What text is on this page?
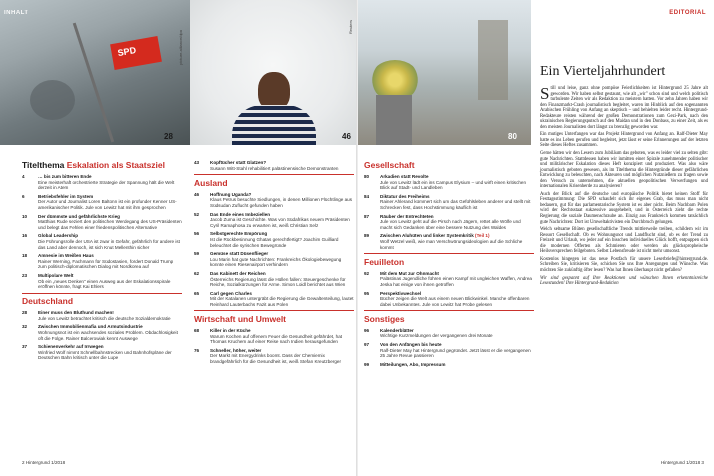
INHALT
SPD	picture-alliance/dpa
28
Reuters
46	80
EDITORIAL
Titelthema Eskalation als Staatsziel
4	… bis zum bitteren Ende
Eine meisterhaft orchestrierte Strategie der Spannung hält die Welt derzeit in Atem
6	Betriebsfehler im System
Der Autor und Journalist Loren Baltonn ist ein profunder Kenner US-amerikanischer Politik. Jule von Lewitz hat mit ihm gesprochen
10	Der dümmste und gefährlichste Krieg
Matthias Rude seziert den politischen Werdegang des US-Präsidenten und belegt das Fehlen einer friedenspolitischen Alternative
16	Global Leadership
Die Führungsrolle der USA ist zwar in Gefahr, gefährlich für andere ist das Land aber dennoch, ist sich Knut Mellenthin sicher
18	Amnesie im Weißen Haus
Rainer Werning, Fachmann für Südostasien, fordert Donald Trump zum politisch-diplomatischen Dialog mit Nordkorea auf
23	Multipolare Welt
Ob ein „neues Denken" einen Ausweg aus der Eskalationsspirale eröffnen könnte, fragt Kai Ehlers
Deutschland
28	Einer muss den Bluthund machen!
Jule von Lewitz betrachtet kritisch die deutsche Sozialdemokratie
32	Zwischen Immobilienmafia und Armutsindustrie
Wohnungsnot ist ein wachsendes soziales Problem. Obdachlosigkeit oft die Folge. Rainer Balcerowiak kennt Auswege
37	Schienenverkehr auf Irrwegen
Winfried Wolf nimmt Schnellbahnstrecken und Bahnhofspläne der Deutschen Bahn kritisch unter die Lupe
43	Kopftücher statt Glatzen?
Susann Witt-Stahl rehabilitiert palästinensische Demonstranten
Ausland
46	Hoffnung Uganda?
Klaus Petrus besuchte Siedlungen, in denen Millionen Flüchtlinge aus Südsudan Zuflucht gefunden haben
52	Das Ende eines Imbeziellen
Jacob Zuma ist Geschichte. Was von Südafrikas neuem Präsidenten Cyril Ramaphosa zu erwarten ist, weiß Christian Selz
56	Selbstgerechte Empörung
Ist die Rückbesinnung Ghatas gerechtfertigt? Joachim Guilliard beleuchtet die syrischen Bewegründe
59	Gemüse statt Düsenflieger
Lou Marin hat gute Nachrichten: Frankreichs Ökologiebewegung konnte einen Riesenairport verhindern
62	Das Kabinett der Reichen
Österreichs Regierung lässt die Hüllen fallen: Steuergeschenke für Reiche, Sozialkürzungen für Arme. Simon Loidl berichtet aus Wien
65	Carl gegen Charles
Mit der Katalanen untergräbt die Regierung die Gewaltenteilung, lautet Reinhard Lauterbachs Fazit aus Polen
Wirtschaft und Umwelt
68	Killer in der Küche
Warum Kochen auf offenem Feuer die Gesundheit gefährdet, hat Thomas Kruchem auf einer Reise nach Indien herausgefunden
76	Schneller, höher, weiter
Der Markt mit Energydrinks boomt. Dass der Chemiemix brandgefährlich für die Gesundheit ist, weiß Stefan Kreutzberger
Gesellschaft
80	Arkadien statt Revolte
Jule von Lewitz lädt ein ins Campus Elysium – und wirft einen kritischen Blick auf Stadt- und Landleben
84	Diktatur des Freiheims
Rainer Ahlerand kümmert sich um das Gefühlsleben anderer und stellt mit Schrecken fest, dass Hochstimmung käuflich ist
87	Räuber der Entrechteten
Jule von Lewitz geht auf die Pirsch nach Jägern, rettet alle Wölfe und macht sich Gedanken über eine bessere Nutzung des Waldes
89	Zwischen Aluhüten und linker Systemkritik (Teil 1)
Wolf Wetzel weiß, wie man Verschwörungsideologien auf die Schliche kommt
Feuilleton
92	Mit dem Mut zur Ohnmacht
Palästinas Jugendliche führen einen Kampf mit ungleichen Waffen, Andrea Jeska hat einige von ihnen getroffen
95	Perspektivwechsel
Bücher zeigen die Welt aus einem neuen Blickwinkel. Manche offenbaren dabei Unbekanntes. Jule von Lewitz hat Probe gelesen
Sonstiges
96	Kalenderblätter
Wichtige Kurzmeldungen der vergangenen drei Monate
97	Von den Anfängen bis heute
Ralf-Dieter May hat Hintergrund gegründet. Jetzt lässt er die vergangenen 25 Jahre Revue passieren
99	Mitteilungen, Abo, Impressum
Ein Vierteljahrhundert

Still und leise, ganz ohne pompöse Feierlichkeiten ist Hintergrund 25 Jahre alt geworden. Wir haben selbst gestaunt, wie alt „wir" schon sind und welch politisch turbulente Zeiten wir als Redaktion zu meistern hatten. Vor zehn Jahren haben wir den Finanzmarkt-Crash journalistisch begleitet, waren im Hinblick auf den sogenannten Arabischen Frühling von Anfang an skeptisch – und behielten leider recht. Hintergrund-Redakteure reisten während der großen Demonstrationen zum Gezi-Park, nach den ukrainischen Regierungsputsch auf den Maidan und in den Donbass, zu einer Zeit, als es den meisten Journalisten dort längst zu brenzlig geworden war.

Ein mutiges Unterfangen war das Projekt Hintergrund von Anfang an. Ralf-Dieter May hatte es ins Leben gerufen und begleitet, jetzt lässt er seine Erinnerungen auf der letzten Seite dieses Heftes zusammen.

Gerne hätten wir den Lesern zum Jubiläum das geboten, was es leider viel zu selten gibt: gute Nachrichten. Stattdessen haben wir inmitten einer Spirale zunehmender politischer und militärischer Eskalation dieses Heft konzipiert und produziert. Was also wäre journalistisch geboten gewesen, als im Titelthema die Hintergründe dieser gefährlichen Entwicklung zu beleuchten, nach Akteuren und möglichen Nutznießern zu fragen sowie den Versuch zu unternehmen, die aktuellen geopolitischen Verwerfungen und internationalen Krisenherde zu analysieren?

Auch der Blick auf die deutsche und europäische Politik bietet keinen Stoff für Festtagsstimmung: Die SPD schaufelt sich ihr eigenes Grab, das muss man nicht bedauern, gut für das parlamentarische System ist es aber nicht. Beim Nachbarn Polen wird der Rechtsstaat sukzessive ausgehebelt, und in Österreich zieht die rechte Regierung die soziale Daumenschraube an. Einzig aus Frankreich kommen tatsächlich gute Nachrichten: Dort ist Umweltaktivisten ein Durchbruch gelungen.

Welch seltsame Blüten gesellschaftliche Trends mittlerweile treiben, schildern wir im Ressort Gesellschaft. Ob es Wohnungsnot und Landflucht sind, ob es der Trend zu Freizeit und Urlaub, wo jeder auf ein bisschen individuelles Glück hofft, entpuppen sich die modernen Offerten als Schmieren oder werden als glückspropheische Heilsversprechen feilgeboten. Selbst Lebensfreude ist nicht mehr umsonst.

Kostenlos hingegen ist das neue Postfach für unsere Leserbriefe@hintergrund.de. Schreiben Sie, kritisieren Sie, schicken Sie uns Ihre Anregungen und Wünsche. Was möchten Sie zukünftig öfter lesen? Was hat Ihnen überhaupt nicht gefallen?

Wir sind gespannt auf Ihre Reaktionen und wünschen Ihnen erkenntnisreiche Lesestunden! Ihre Hintergrund-Redaktion

2 Hintergrund 1/2018	Hintergrund 1/2018 3
